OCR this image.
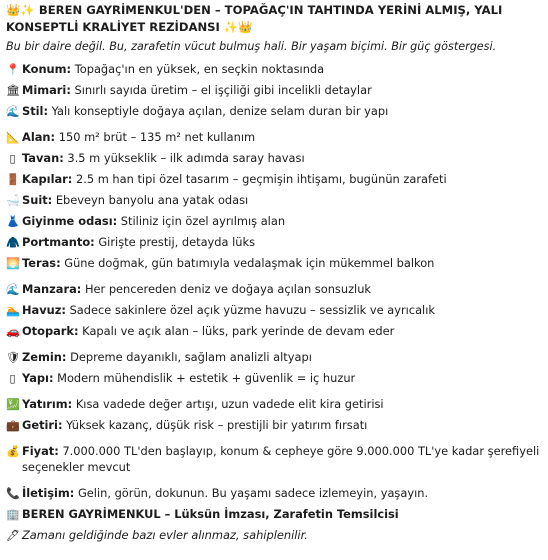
👑✨ BEREN GAYRİMENKUL'DEN – TOPAĞAÇ'IN TAHTINDA YERİNİ ALMIŞ, YALI KONSEPTLİ KRALİYET REZİDANSI ✨👑
Bu bir daire değil. Bu, zarafetin vücut bulmuş hali. Bir yaşam biçimi. Bir güç göstergesi.
📍 Konum: Topağaç'ın en yüksek, en seçkin noktasında
🏛 Mimari: Sınırlı sayıda üretim – el işçiliği gibi incelikli detaylar
🌊 Stil: Yalı konseptiyle doğaya açılan, denize selam duran bir yapı
📐 Alan: 150 m² brüt – 135 m² net kullanım
▯ Tavan: 3.5 m yükseklik – ilk adımda saray havası
🚪 Kapılar: 2.5 m han tipi özel tasarım – geçmişin ihtişamı, bugünün zarafeti
🛁 Suit: Ebeveyn banyolu ana yatak odası
👗 Giyinme odası: Stiliniz için özel ayrılmış alan
🧥 Portmanto: Girişte prestij, detayda lüks
🌅 Teras: Güne doğmak, gün batımıyla vedalaşmak için mükemmel balkon
🌊 Manzara: Her pencereden deniz ve doğaya açılan sonsuzluk
🏊 Havuz: Sadece sakinlere özel açık yüzme havuzu – sessizlik ve ayrıcalık
🚗 Otopark: Kapalı ve açık alan – lüks, park yerinde de devam eder
🛡 Zemin: Depreme dayanıklı, sağlam analizli altyapı
▯ Yapı: Modern mühendislik + estetik + güvenlik = iç huzur
💹 Yatırım: Kısa vadede değer artışı, uzun vadede elit kira getirisi
💼 Getiri: Yüksek kazanç, düşük risk – prestijli bir yatırım fırsatı
💰 Fiyat: 7.000.000 TL'den başlayıp, konum & cepheye göre 9.000.000 TL'ye kadar şerefiyeli seçenekler mevcut
📞 İletişim: Gelin, görün, dokunun. Bu yaşamı sadece izlemeyin, yaşayın.
🏢 BEREN GAYRİMENKUL – Lüksün İmzası, Zarafetin Temsilcisi
🖊 Zamanı geldiğinde bazı evler alınmaz, sahiplenilir.
